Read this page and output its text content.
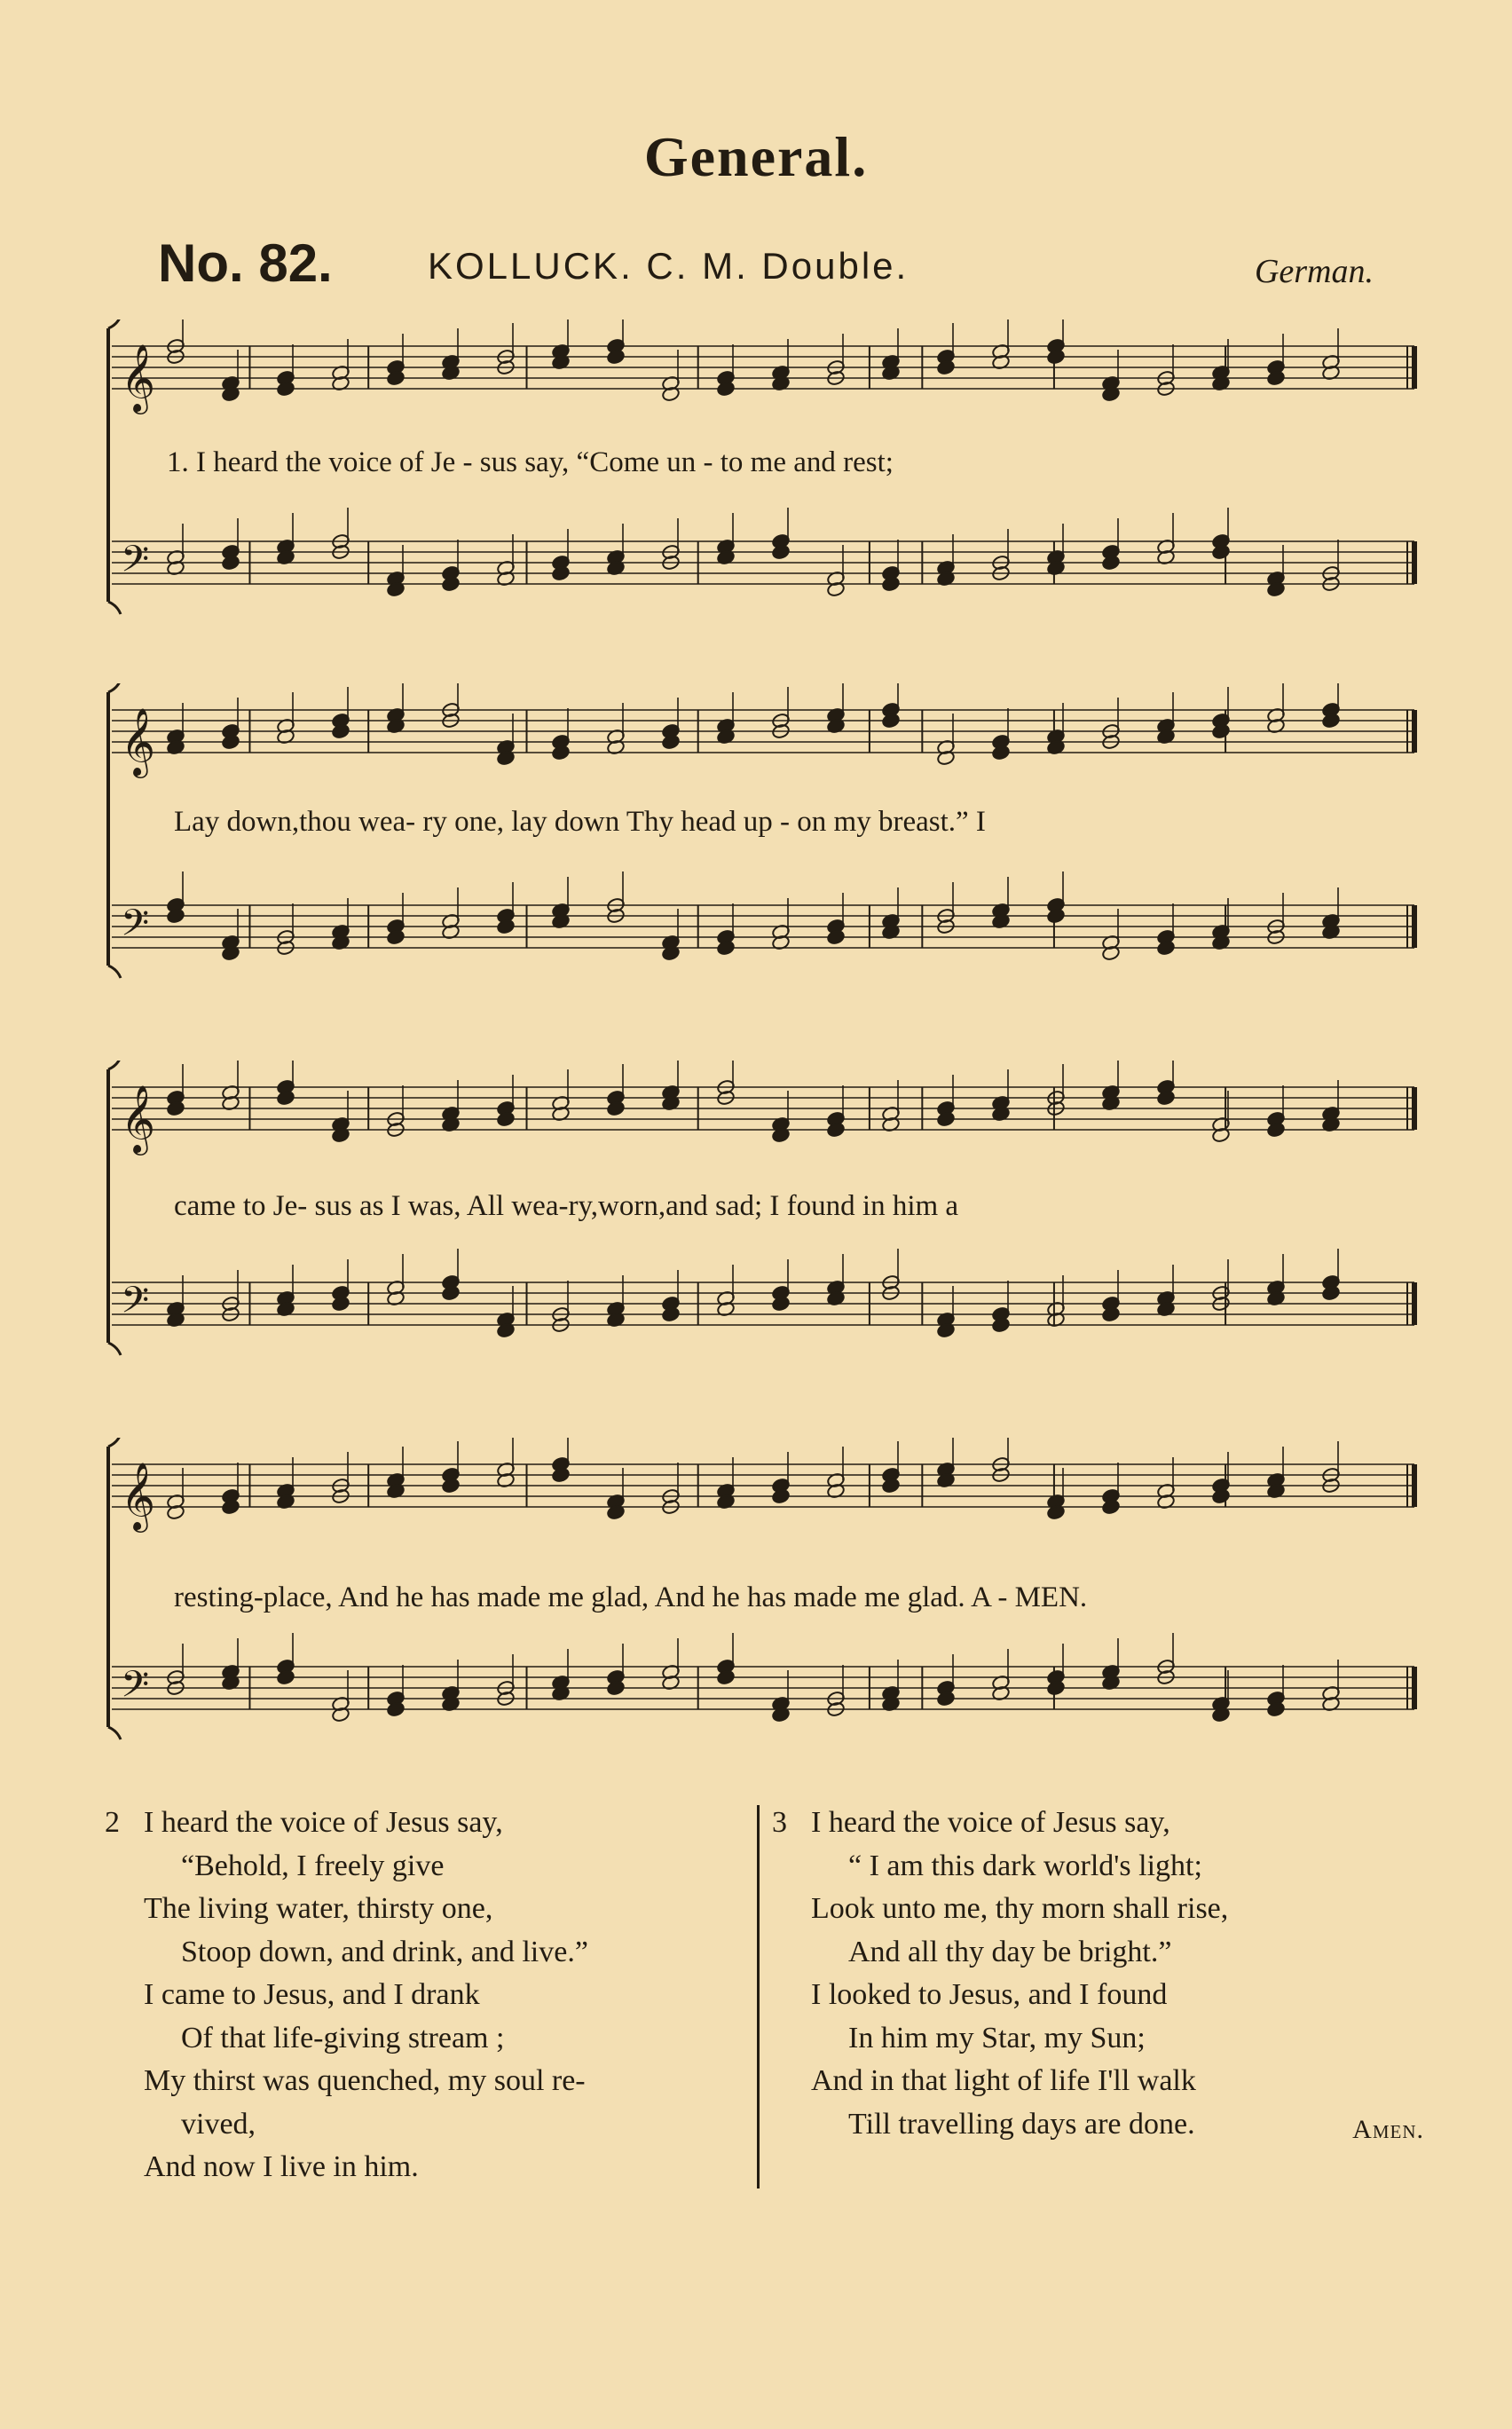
General.
No. 82.	KOLLUCK. C. M. Double.	German.
𝄞
𝄢
1. I heard the voice of Je - sus say, “Come un - to me and rest;
𝄞
𝄢
Lay down,thou wea- ry one, lay down Thy head up - on my breast.” I
𝄞
𝄢
came to Je- sus as I was, All wea-ry,worn,and sad; I found in him a
𝄞
𝄢
resting-place, And he has made me glad, And he has made me glad. A - MEN.
2 I heard the voice of Jesus say,
“Behold, I freely give
The living water, thirsty one,
Stoop down, and drink, and live.”
I came to Jesus, and I drank
Of that life-giving stream ;
My thirst was quenched, my soul re-
vived,
And now I live in him.
3 I heard the voice of Jesus say,
“ I am this dark world's light;
Look unto me, thy morn shall rise,
And all thy day be bright.”
I looked to Jesus, and I found
In him my Star, my Sun;
And in that light of life I'll walk
Till travelling days are done.	Amen.
